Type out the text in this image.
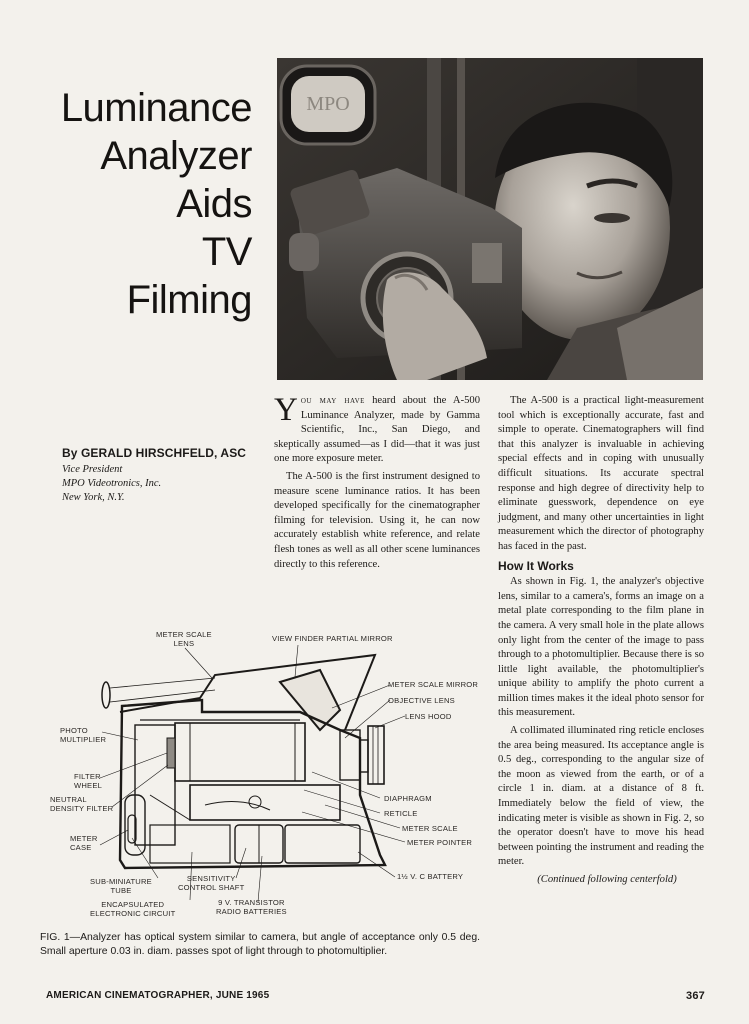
Luminance
Analyzer
Aids
TV
Filming
MPO
By GERALD HIRSCHFELD, ASC
Vice President
MPO Videotronics, Inc.
New York, N.Y.

You may have heard about the A-500 Luminance Analyzer, made by Gamma Scientific, Inc., San Diego, and skeptically assumed—as I did—that it was just one more exposure meter.

The A-500 is the first instrument designed to measure scene luminance ratios. It has been developed specifically for the cinematographer filming for television. Using it, he can now accurately establish white reference, and relate flesh tones as well as all other scene luminances directly to this reference.

The A-500 is a practical light-measurement tool which is exceptionally accurate, fast and simple to operate. Cinematographers will find that this analyzer is invaluable in achieving special effects and in coping with unusually difficult situations. Its accurate spectral response and high degree of directivity help to eliminate guesswork, dependence on eye judgment, and many other uncertainties in light measurement which the director of photography has faced in the past.

How It Works

As shown in Fig. 1, the analyzer's objective lens, similar to a camera's, forms an image on a metal plate corresponding to the film plane in the camera. A very small hole in the plate allows only light from the center of the image to pass through to a photomultiplier. Because there is so little light available, the photomultiplier's unique ability to amplify the photo current a million times makes it the ideal photo sensor for this measurement.

A collimated illuminated ring reticle encloses the area being measured. Its acceptance angle is 0.5 deg., corresponding to the angular size of the moon as viewed from the earth, or of a circle 1 in. diam. at a distance of 8 ft. Immediately below the field of view, the indicating meter is visible as shown in Fig. 2, so the operator doesn't have to move his head between pointing the instrument and reading the meter.

(Continued following centerfold)

METER SCALE
LENS
VIEW FINDER PARTIAL MIRROR
METER SCALE MIRROR
OBJECTIVE LENS
LENS HOOD
PHOTO
MULTIPLIER
FILTER
WHEEL
NEUTRAL
DENSITY FILTER
METER
CASE
DIAPHRAGM
RETICLE
METER SCALE
METER POINTER
1½ V. C BATTERY
SUB-MINIATURE
TUBE
SENSITIVITY
CONTROL SHAFT
ENCAPSULATED
ELECTRONIC CIRCUIT
9 V. TRANSISTOR
RADIO BATTERIES
FIG. 1—Analyzer has optical system similar to camera, but angle of acceptance only 0.5 deg. Small aperture 0.03 in. diam. passes spot of light through to photomultiplier.
AMERICAN CINEMATOGRAPHER, JUNE 1965	367
